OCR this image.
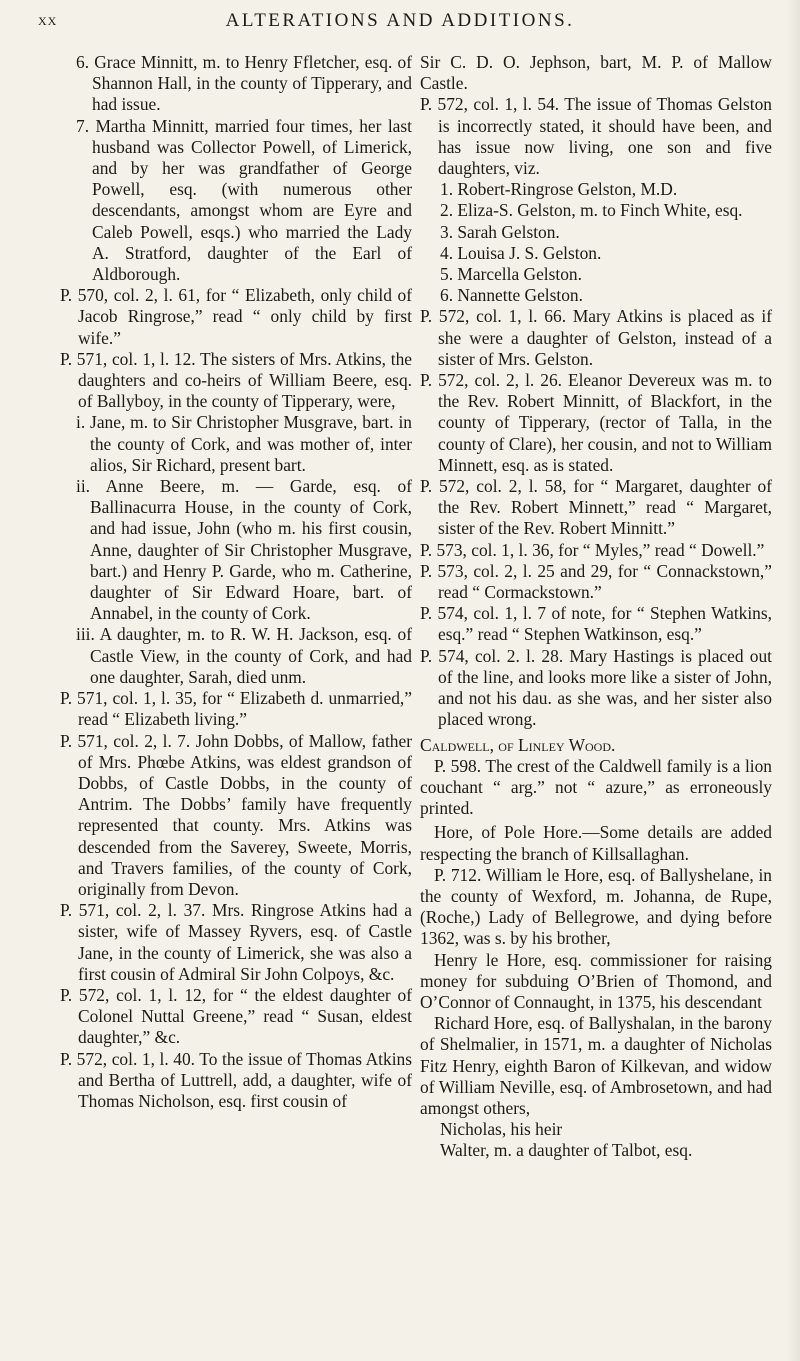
XX	ALTERATIONS AND ADDITIONS.

6. Grace Minnitt, m. to Henry Ffletcher, esq. of Shannon Hall, in the county of Tipperary, and had issue.

7. Martha Minnitt, married four times, her last husband was Collector Powell, of Limerick, and by her was grandfather of George Powell, esq. (with numerous other descendants, amongst whom are Eyre and Caleb Powell, esqs.) who married the Lady A. Stratford, daughter of the Earl of Aldborough.

P. 570, col. 2, l. 61, for “ Elizabeth, only child of Jacob Ringrose,” read “ only child by first wife.”

P. 571, col. 1, l. 12. The sisters of Mrs. Atkins, the daughters and co-heirs of William Beere, esq. of Ballyboy, in the county of Tipperary, were,

i. Jane, m. to Sir Christopher Musgrave, bart. in the county of Cork, and was mother of, inter alios, Sir Richard, present bart.

ii. Anne Beere, m. — Garde, esq. of Ballinacurra House, in the county of Cork, and had issue, John (who m. his first cousin, Anne, daughter of Sir Christopher Musgrave, bart.) and Henry P. Garde, who m. Catherine, daughter of Sir Edward Hoare, bart. of Annabel, in the county of Cork.

iii. A daughter, m. to R. W. H. Jackson, esq. of Castle View, in the county of Cork, and had one daughter, Sarah, died unm.

P. 571, col. 1, l. 35, for “ Elizabeth d. unmarried,” read “ Elizabeth living.”

P. 571, col. 2, l. 7. John Dobbs, of Mallow, father of Mrs. Phœbe Atkins, was eldest grandson of Dobbs, of Castle Dobbs, in the county of Antrim. The Dobbs’ family have frequently represented that county. Mrs. Atkins was descended from the Saverey, Sweete, Morris, and Travers families, of the county of Cork, originally from Devon.

P. 571, col. 2, l. 37. Mrs. Ringrose Atkins had a sister, wife of Massey Ryvers, esq. of Castle Jane, in the county of Limerick, she was also a first cousin of Admiral Sir John Colpoys, &c.

P. 572, col. 1, l. 12, for “ the eldest daughter of Colonel Nuttal Greene,” read “ Susan, eldest daughter,” &c.

P. 572, col. 1, l. 40. To the issue of Thomas Atkins and Bertha of Luttrell, add, a daughter, wife of Thomas Nicholson, esq. first cousin of

Sir C. D. O. Jephson, bart, M. P. of Mallow Castle.

P. 572, col. 1, l. 54. The issue of Thomas Gelston is incorrectly stated, it should have been, and has issue now living, one son and five daughters, viz.

1. Robert-Ringrose Gelston, M.D.

2. Eliza-S. Gelston, m. to Finch White, esq.

3. Sarah Gelston.

4. Louisa J. S. Gelston.

5. Marcella Gelston.

6. Nannette Gelston.

P. 572, col. 1, l. 66. Mary Atkins is placed as if she were a daughter of Gelston, instead of a sister of Mrs. Gelston.

P. 572, col. 2, l. 26. Eleanor Devereux was m. to the Rev. Robert Minnitt, of Blackfort, in the county of Tipperary, (rector of Talla, in the county of Clare), her cousin, and not to William Minnett, esq. as is stated.

P. 572, col. 2, l. 58, for “ Margaret, daughter of the Rev. Robert Minnett,” read “ Margaret, sister of the Rev. Robert Minnitt.”

P. 573, col. 1, l. 36, for “ Myles,” read “ Dowell.”

P. 573, col. 2, l. 25 and 29, for “ Connackstown,” read “ Cormackstown.”

P. 574, col. 1, l. 7 of note, for “ Stephen Watkins, esq.” read “ Stephen Watkinson, esq.”

P. 574, col. 2. l. 28. Mary Hastings is placed out of the line, and looks more like a sister of John, and not his dau. as she was, and her sister also placed wrong.

Caldwell, of Linley Wood.

P. 598. The crest of the Caldwell family is a lion couchant “ arg.” not “ azure,” as erroneously printed.

Hore, of Pole Hore.—Some details are added respecting the branch of Killsallaghan.

P. 712. William le Hore, esq. of Ballyshelane, in the county of Wexford, m. Johanna, de Rupe, (Roche,) Lady of Bellegrowe, and dying before 1362, was s. by his brother,

Henry le Hore, esq. commissioner for raising money for subduing O’Brien of Thomond, and O’Connor of Connaught, in 1375, his descendant

Richard Hore, esq. of Ballyshalan, in the barony of Shelmalier, in 1571, m. a daughter of Nicholas Fitz Henry, eighth Baron of Kilkevan, and widow of William Neville, esq. of Ambrosetown, and had amongst others,

Nicholas, his heir

Walter, m. a daughter of Talbot, esq.
